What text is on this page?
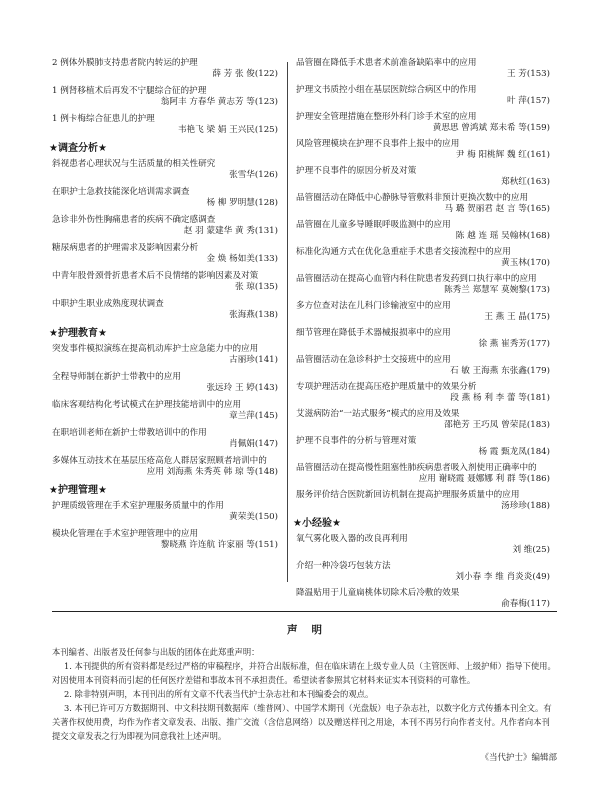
2 例体外膜肺支持患者院内转运的护理
薛 芳 张 俊(122)
1 例肾移植术后再发不宁腿综合征的护理
翁阿丰 方春华 黄志芳 等(123)
1 例卡梅综合征患儿的护理
韦艳飞 梁 娟 王兴民(125)
★调查分析★
斜视患者心理状况与生活质量的相关性研究
张雪华(126)
在职护士急救技能深化培训需求调查
杨 柳 罗明慧(128)
急诊非外伤性胸痛患者的疾病不确定感调查
赵 羽 蒙建华 黄 秀(131)
糖尿病患者的护理需求及影响因素分析
金 焕 杨如美(133)
中青年股骨颈骨折患者术后不良情绪的影响因素及对策
张 琼(135)
中职护生职业成熟度现状调查
张海燕(138)
★护理教育★
突发事件模拟演练在提高机动库护士应急能力中的应用
古丽珍(141)
全程导师制在新护士带教中的应用
张远玲 王 婷(143)
临床客观结构化考试模式在护理技能培训中的应用
章兰萍(145)
在职培训老师在新护士带教培训中的作用
肖佩娟(147)
多媒体互动技术在基层压疮高危人群居家照顾者培训中的
应用 刘海燕 朱秀英 韩 琼 等(148)
★护理管理★
护理质级管理在手术室护理服务质量中的作用
黄荣美(150)
模块化管理在手术室护理管理中的应用
黎晓燕 许连航 许家丽 等(151)
品管圈在降低手术患者术前准备缺陷率中的应用
王 芳(153)
护理文书质控小组在基层医院综合病区中的作用
叶 萍(157)
护理安全管理措施在整形外科门诊手术室的应用
黄思思 曾鸿斌 郑未希 等(159)
风险管理模块在护理不良事件上报中的应用
尹 梅 阳桃辉 魏 红(161)
护理不良事件的原因分析及对策
郑秋红(163)
品管圈活动在降低中心静脉导管敷料非预计更换次数中的应用
马 璐 贺丽君 赵 言 等(165)
品管圈在儿童多导睡眠呼吸监测中的应用
陈 越 连 瑶 吴翰林(168)
标准化沟通方式在优化急重症手术患者交接流程中的应用
黄玉林(170)
品管圈活动在提高心血管内科住院患者发药到口执行率中的应用
陈秀兰 郑慧军 莫婉黎(173)
多方位查对法在儿科门诊输液室中的应用
王 燕 王 晶(175)
细节管理在降低手术器械报损率中的应用
徐 燕 崔秀芳(177)
品管圈活动在急诊科护士交接班中的应用
石 敏 王海燕 东张鑫(179)
专项护理活动在提高压疮护理质量中的效果分析
段 燕 杨 利 李 蕾 等(181)
艾滋病防治“一站式服务”模式的应用及效果
邵艳芳 王巧凤 曾荣昆(183)
护理不良事件的分析与管理对策
杨 霞 甄龙凤(184)
品管圈活动在提高慢性阻塞性肺疾病患者吸入剂使用正确率中的
应用 谢晓霞 聂娜娜 利 群 等(186)
服务评价结合医院新回访机制在提高护理服务质量中的应用
汤珍珍(188)
★小经验★
氧气雾化吸入器的改良再利用
刘 维(25)
介绍一种冷袋巧包装方法
刘小春 李 维 肖炎炎(49)
降温贴用于儿童扁桃体切除术后冷敷的效果
俞春梅(117)
声明

本刊编者、出版者及任何参与出版的团体在此郑重声明：

1. 本刊提供的所有资料都是经过严格的审稿程序，并符合出版标准，但在临床请在上级专业人员（主管医师、上级护师）指导下使用。对因使用本刊资料而引起的任何医疗差错和事故本刊不承担责任。希望读者参照其它材料来证实本刊资料的可靠性。

2. 除非特别声明，本刊刊出的所有文章不代表当代护士杂志社和本刊编委会的观点。

3. 本刊已许可万方数据期刊、中文科技期刊数据库（维普网）、中国学术期刊（光盘版）电子杂志社，以数字化方式传播本刊全文。有关著作权使用费，均作为作者文章发表、出版、推广交流（含信息网络）以及赠送样刊之用途，本刊不再另行向作者支付。凡作者向本刊提交文章发表之行为即视为同意我社上述声明。

《当代护士》编辑部
